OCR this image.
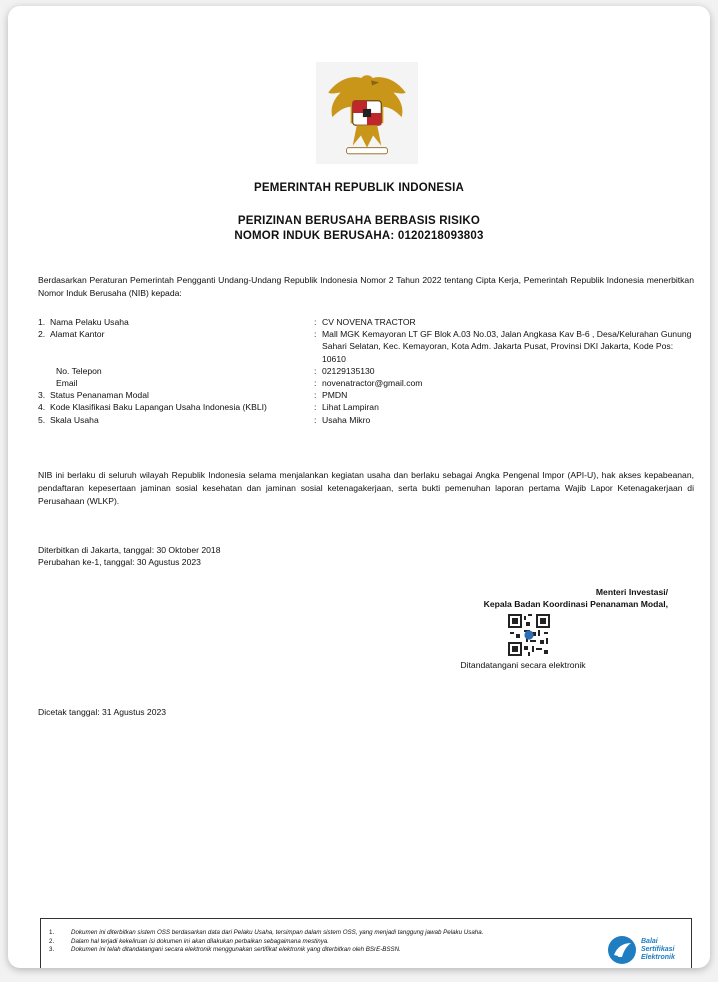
PEMERINTAH REPUBLIK INDONESIA
PERIZINAN BERUSAHA BERBASIS RISIKO
NOMOR INDUK BERUSAHA: 0120218093803
Berdasarkan Peraturan Pemerintah Pengganti Undang-Undang Republik Indonesia Nomor 2 Tahun 2022 tentang Cipta Kerja, Pemerintah Republik Indonesia menerbitkan Nomor Induk Berusaha (NIB) kepada:
1. Nama Pelaku Usaha	: CV NOVENA TRACTOR
2. Alamat Kantor	: Mall MGK Kemayoran LT GF Blok A.03 No.03, Jalan Angkasa Kav B-6 , Desa/Kelurahan Gunung Sahari Selatan, Kec. Kemayoran, Kota Adm. Jakarta Pusat, Provinsi DKI Jakarta, Kode Pos: 10610
No. Telepon	: 02129135130
Email	: novenatractor@gmail.com
3. Status Penanaman Modal	: PMDN
4. Kode Klasifikasi Baku Lapangan Usaha Indonesia (KBLI)	: Lihat Lampiran
5. Skala Usaha	: Usaha Mikro
NIB ini berlaku di seluruh wilayah Republik Indonesia selama menjalankan kegiatan usaha dan berlaku sebagai Angka Pengenal Impor (API-U), hak akses kepabeanan, pendaftaran kepesertaan jaminan sosial kesehatan dan jaminan sosial ketenagakerjaan, serta bukti pemenuhan laporan pertama Wajib Lapor Ketenagakerjaan di Perusahaan (WLKP).
Diterbitkan di Jakarta, tanggal: 30 Oktober 2018
Perubahan ke-1, tanggal: 30 Agustus 2023
Menteri Investasi/
Kepala Badan Koordinasi Penanaman Modal,
Ditandatangani secara elektronik
Dicetak tanggal: 31 Agustus 2023
1.	Dokumen ini diterbitkan sistem OSS berdasarkan data dari Pelaku Usaha, tersimpan dalam sistem OSS, yang menjadi tanggung jawab Pelaku Usaha.
2.	Dalam hal terjadi kekeliruan isi dokumen ini akan dilakukan perbaikan sebagaimana mestinya.
3.	Dokumen ini telah ditandatangani secara elektronik menggunakan sertifikat elektronik yang diterbitkan oleh BSrE-BSSN.
Balai Sertifikasi Elektronik
